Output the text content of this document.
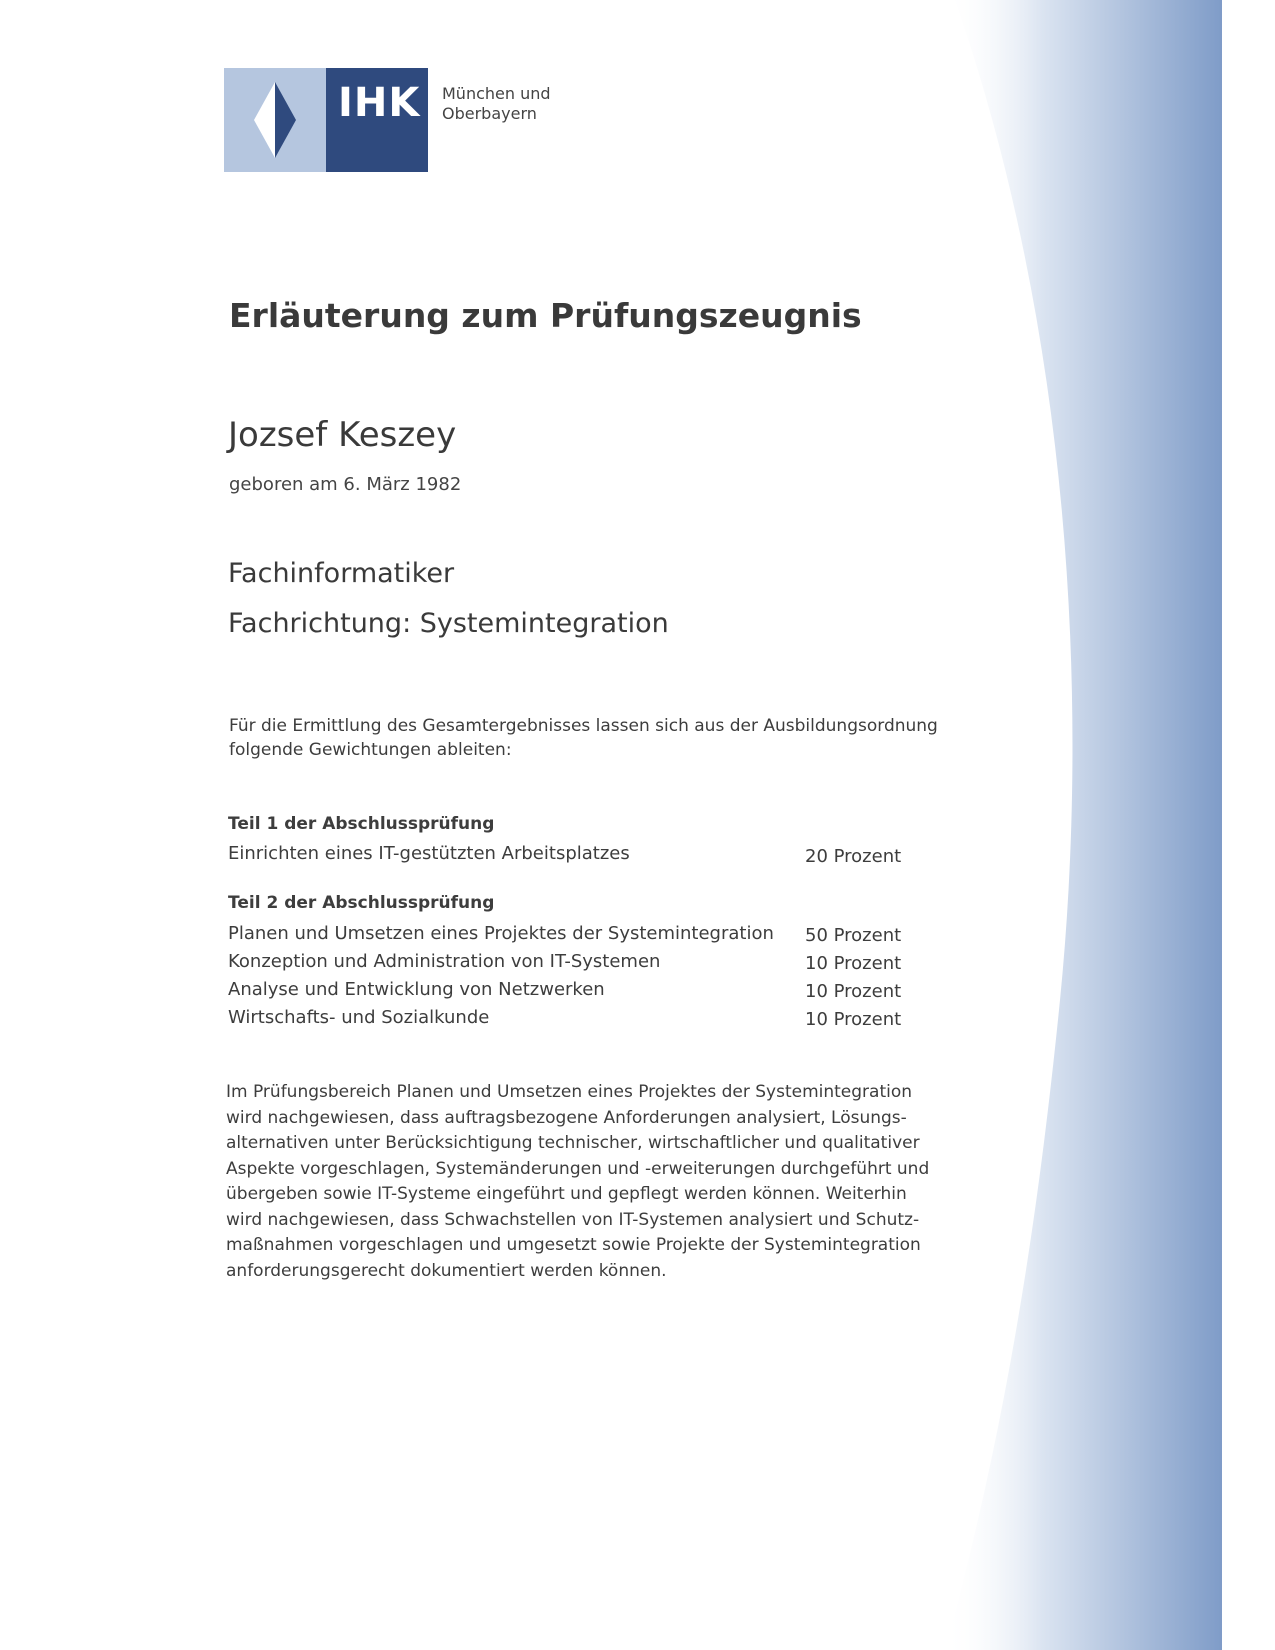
IHK München und
Oberbayern
Erläuterung zum Prüfungszeugnis
Jozsef Keszey
geboren am 6. März 1982
Fachinformatiker
Fachrichtung: Systemintegration
Für die Ermittlung des Gesamtergebnisses lassen sich aus der Ausbildungsordnung
folgende Gewichtungen ableiten:
Teil 1 der Abschlussprüfung
Einrichten eines IT-gestützten Arbeitsplatzes	20 Prozent
Teil 2 der Abschlussprüfung
Planen und Umsetzen eines Projektes der Systemintegration 50 Prozent
Konzeption und Administration von IT-Systemen	10 Prozent
Analyse und Entwicklung von Netzwerken	10 Prozent
Wirtschafts- und Sozialkunde	10 Prozent
Im Prüfungsbereich Planen und Umsetzen eines Projektes der Systemintegration
wird nachgewiesen, dass auftragsbezogene Anforderungen analysiert, Lösungs-
alternativen unter Berücksichtigung technischer, wirtschaftlicher und qualitativer
Aspekte vorgeschlagen, Systemänderungen und -erweiterungen durchgeführt und
übergeben sowie IT-Systeme eingeführt und gepflegt werden können. Weiterhin
wird nachgewiesen, dass Schwachstellen von IT-Systemen analysiert und Schutz-
maßnahmen vorgeschlagen und umgesetzt sowie Projekte der Systemintegration
anforderungsgerecht dokumentiert werden können.
